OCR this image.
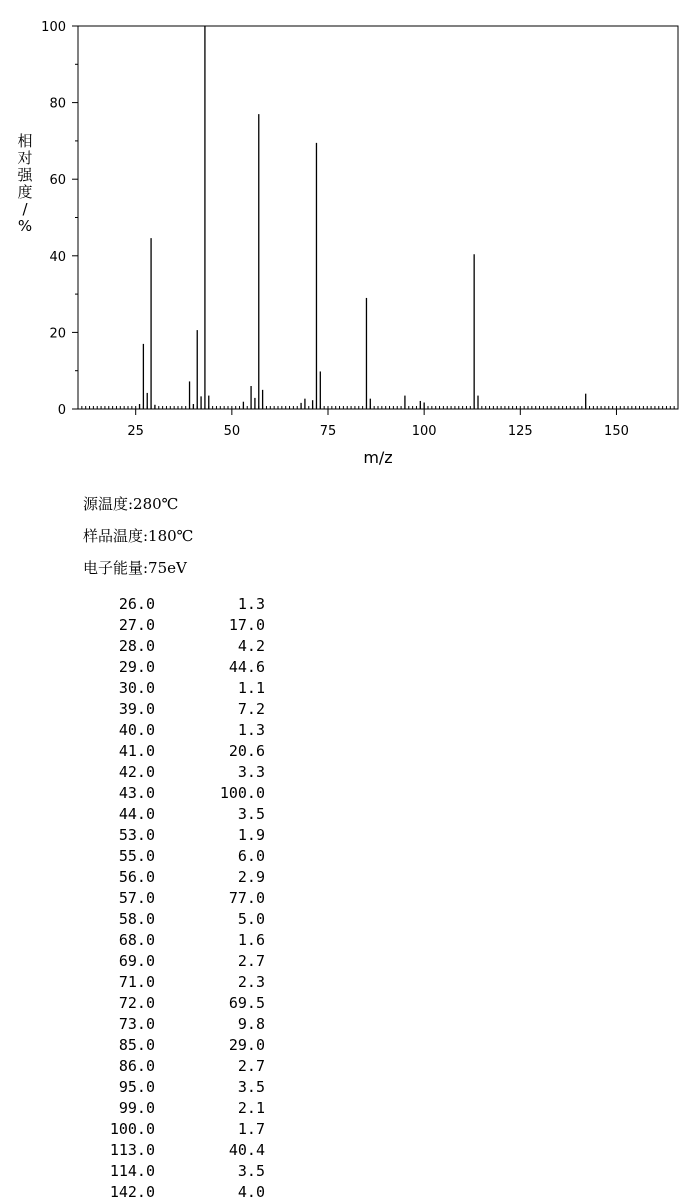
0
20
40
60
80
100
25	50	75	100	125	150
m/z
相对强度/ %
源温度:280℃
样品温度:180℃
电子能量:75eV
26.0	1.3
27.0	17.0
28.0	4.2
29.0	44.6
30.0	1.1
39.0	7.2
40.0	1.3
41.0	20.6
42.0	3.3
43.0	100.0
44.0	3.5
53.0	1.9
55.0	6.0
56.0	2.9
57.0	77.0
58.0	5.0
68.0	1.6
69.0	2.7
71.0	2.3
72.0	69.5
73.0	9.8
85.0	29.0
86.0	2.7
95.0	3.5
99.0	2.1
100.0	1.7
113.0	40.4
114.0	3.5
142.0	4.0
